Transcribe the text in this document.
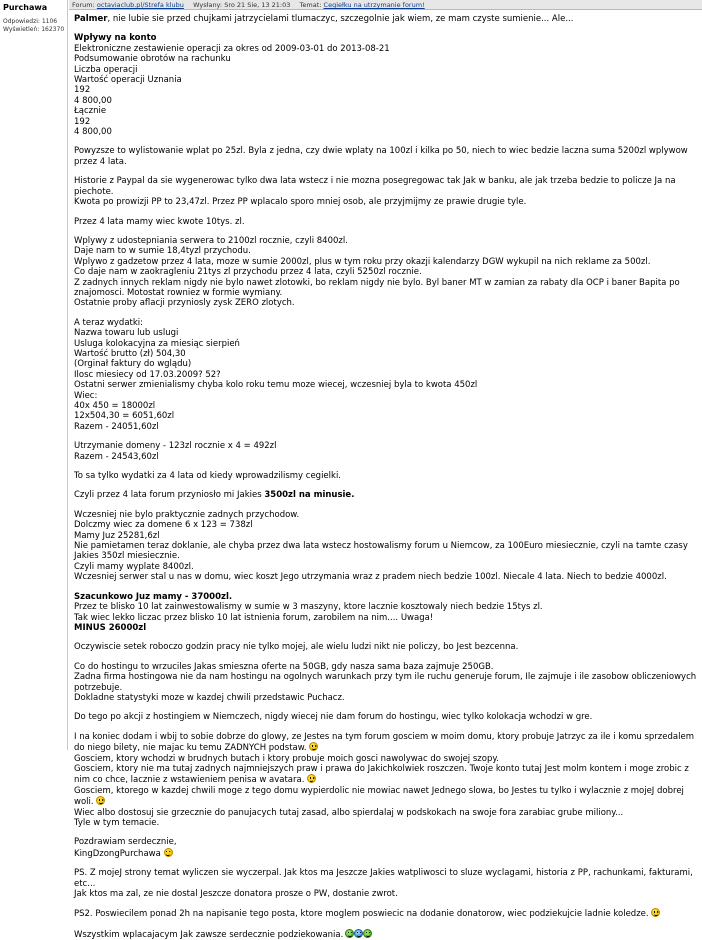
Purchawa
Odpowiedzi: 1106
Wyświetleń: 162370
Forum: octaviaclub.pl/Strefa klubu Wysłany: Sro 21 Sie, 13 21:03 Temat: Cegiełku na utrzymanie forum!

Palmer, nie lubie sie przed chujkami jatrzycielami tlumaczyc, szczegolnie jak wiem, ze mam czyste sumienie... Ale...

Wpływy na konto

Elektroniczne zestawienie operacji za okres od 2009-03-01 do 2013-08-21

Podsumowanie obrotów na rachunku

Liczba operacji

Wartość operacji Uznania

192

4 800,00

Łącznie

192

4 800,00

Powyzsze to wylistowanie wplat po 25zl. Byla z jedna, czy dwie wplaty na 100zl i kilka po 50, niech to wiec bedzie laczna suma 5200zl wplywow przez 4 lata.

Historie z Paypal da sie wygenerowac tylko dwa lata wstecz i nie mozna posegregowac tak Jak w banku, ale jak trzeba bedzie to policze Ja na piechote.

Kwota po prowizji PP to 23,47zl. Przez PP wplacalo sporo mniej osob, ale przyjmijmy ze prawie drugie tyle.

Przez 4 lata mamy wiec kwote 10tys. zl.

Wplywy z udostepniania serwera to 2100zl rocznie, czyli 8400zl.

Daje nam to w sumie 18,4tyzl przychodu.

Wplywo z gadzetow przez 4 lata, moze w sumie 2000zl, plus w tym roku przy okazji kalendarzy DGW wykupil na nich reklame za 500zl.

Co daje nam w zaokragleniu 21tys zl przychodu przez 4 lata, czyli 5250zl rocznie.

Z zadnych innych reklam nigdy nie bylo nawet zlotowki, bo reklam nigdy nie bylo. Byl baner MT w zamian za rabaty dla OCP i baner Bapita po znajomosci. Motostat rowniez w formie wymiany.

Ostatnie proby aflacji przyniosly zysk ZERO zlotych.

A teraz wydatki:

Nazwa towaru lub uslugi

Usluga kolokacyjna za miesiąc sierpień

Wartość brutto (zł) 504,30

(Orginał faktury do wglądu)

Ilosc miesiecy od 17.03.2009? 52?

Ostatni serwer zmienialismy chyba kolo roku temu moze wiecej, wczesniej byla to kwota 450zl

Wiec:

40x 450 = 18000zl

12x504,30 = 6051,60zl

Razem - 24051,60zl

Utrzymanie domeny - 123zl rocznie x 4 = 492zl

Razem - 24543,60zl

To sa tylko wydatki za 4 lata od kiedy wprowadzilismy cegielki.

Czyli przez 4 lata forum przyniosło mi Jakies 3500zl na minusie.

Wczesniej nie bylo praktycznie zadnych przychodow.

Dolczmy wiec za domene 6 x 123 = 738zl

Mamy Juz 25281,6zl

Nie pamietamen teraz doklanie, ale chyba przez dwa lata wstecz hostowalismy forum u Niemcow, za 100Euro miesiecznie, czyli na tamte czasy Jakies 350zl miesiecznie.

Czyli mamy wyplate 8400zl.

Wczesniej serwer stal u nas w domu, wiec koszt Jego utrzymania wraz z pradem niech bedzie 100zl. Niecale 4 lata. Niech to bedzie 4000zl.

Szacunkowo Juz mamy - 37000zl.

Przez te blisko 10 lat zainwestowalismy w sumie w 3 maszyny, ktore lacznie kosztowaly niech bedzie 15tys zl.

Tak wiec lekko liczac przez blisko 10 lat istnienia forum, zarobilem na nim.... Uwaga!

MINUS 26000zl

Oczywiscie setek roboczo godzin pracy nie tylko mojej, ale wielu ludzi nikt nie policzy, bo Jest bezcenna.

Co do hostingu to wrzuciles Jakas smieszna oferte na 50GB, gdy nasza sama baza zajmuje 250GB.

Zadna firma hostingowa nie da nam hostingu na ogolnych warunkach przy tym ile ruchu generuje forum, Ile zajmuje i ile zasobow obliczeniowych potrzebuje.

Dokladne statystyki moze w kazdej chwili przedstawic Puchacz.

Do tego po akcji z hostingiem w Niemczech, nigdy wiecej nie dam forum do hostingu, wiec tylko kolokacja wchodzi w gre.

I na koniec dodam i wbij to sobie dobrze do glowy, ze Jestes na tym forum gosciem w moim domu, ktory probuje Jatrzyc za ile i komu sprzedalem do niego bilety, nie majac ku temu ZADNYCH podstaw.

Gosciem, ktory wchodzi w brudnych butach i ktory probuje moich gosci nawolywac do swojej szopy.

Gosciem, ktory nie ma tutaj zadnych najmniejszych praw i prawa do Jakichkolwiek roszczen. Twoje konto tutaj Jest molm kontem i moge zrobic z nim co chce, lacznie z wstawieniem penisa w avatara.

Gosciem, ktorego w kazdej chwili moge z tego domu wypierdolic nie mowiac nawet Jednego slowa, bo Jestes tu tylko i wylacznie z mojeJ dobrej woli.

Wiec albo dostosuj sie grzecznie do panujacych tutaj zasad, albo spierdalaj w podskokach na swoje fora zarabiac grube miliony...

Tyle w tym temacie.

Pozdrawiam serdecznie,

KingDzongPurchawa

PS. Z mojeJ strony temat wyliczen sie wyczerpal. Jak ktos ma Jeszcze Jakies watpliwosci to sluze wyclagami, historia z PP, rachunkami, fakturami, etc...

Jak ktos ma zal, ze nie dostal Jeszcze donatora prosze o PW, dostanie zwrot.

PS2. Poswiecilem ponad 2h na napisanie tego posta, ktore moglem poswiecic na dodanie donatorow, wiec podziekujcie ladnie koledze.

Wszystkim wplacajacym Jak zawsze serdecznie podziekowania.
